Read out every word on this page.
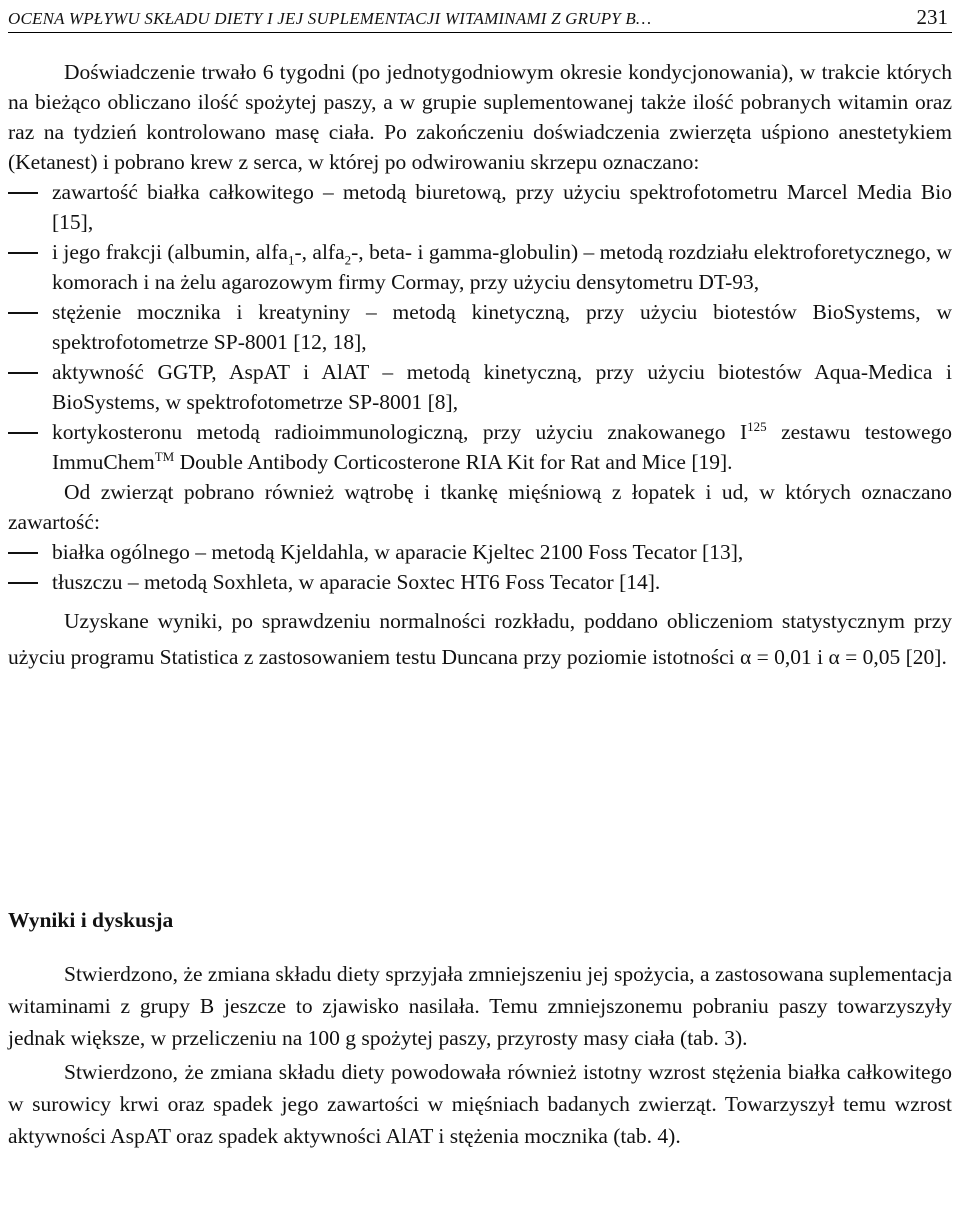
OCENA WPŁYWU SKŁADU DIETY I JEJ SUPLEMENTACJI WITAMINAMI Z GRUPY B…	231

Doświadczenie trwało 6 tygodni (po jednotygodniowym okresie kondycjonowania), w trakcie których na bieżąco obliczano ilość spożytej paszy, a w grupie suplementowanej także ilość pobranych witamin oraz raz na tydzień kontrolowano masę ciała. Po zakończeniu doświadczenia zwierzęta uśpiono anestetykiem (Ketanest) i pobrano krew z serca, w której po odwirowaniu skrzepu oznaczano:

zawartość białka całkowitego – metodą biuretową, przy użyciu spektrofotometru Marcel Media Bio [15],
i jego frakcji (albumin, alfa$_1$-, alfa$_2$-, beta- i gamma-globulin) – metodą rozdziału elektroforetycznego, w komorach i na żelu agarozowym firmy Cormay, przy użyciu densytometru DT-93,
stężenie mocznika i kreatyniny – metodą kinetyczną, przy użyciu biotestów BioSystems, w spektrofotometrze SP-8001 [12, 18],
aktywność GGTP, AspAT i AlAT – metodą kinetyczną, przy użyciu biotestów Aqua-Medica i BioSystems, w spektrofotometrze SP-8001 [8],
kortykosteronu metodą radioimmunologiczną, przy użyciu znakowanego $I^{125}$ zestawu testowego ImmuChem™ Double Antibody Corticosterone RIA Kit for Rat and Mice [19].

Od zwierząt pobrano również wątrobę i tkankę mięśniową z łopatek i ud, w których oznaczano zawartość:

białka ogólnego – metodą Kjeldahla, w aparacie Kjeltec 2100 Foss Tecator [13],
tłuszczu – metodą Soxhleta, w aparacie Soxtec HT6 Foss Tecator [14].

Uzyskane wyniki, po sprawdzeniu normalności rozkładu, poddano obliczeniom statystycznym przy użyciu programu Statistica z zastosowaniem testu Duncana przy poziomie istotności α = 0,01 i α = 0,05 [20].

Wyniki i dyskusja

Stwierdzono, że zmiana składu diety sprzyjała zmniejszeniu jej spożycia, a zastosowana suplementacja witaminami z grupy B jeszcze to zjawisko nasilała. Temu zmniejszonemu pobraniu paszy towarzyszyły jednak większe, w przeliczeniu na 100 g spożytej paszy, przyrosty masy ciała (tab. 3).

Stwierdzono, że zmiana składu diety powodowała również istotny wzrost stężenia białka całkowitego w surowicy krwi oraz spadek jego zawartości w mięśniach badanych zwierząt. Towarzyszył temu wzrost aktywności AspAT oraz spadek aktywności AlAT i stężenia mocznika (tab. 4).
